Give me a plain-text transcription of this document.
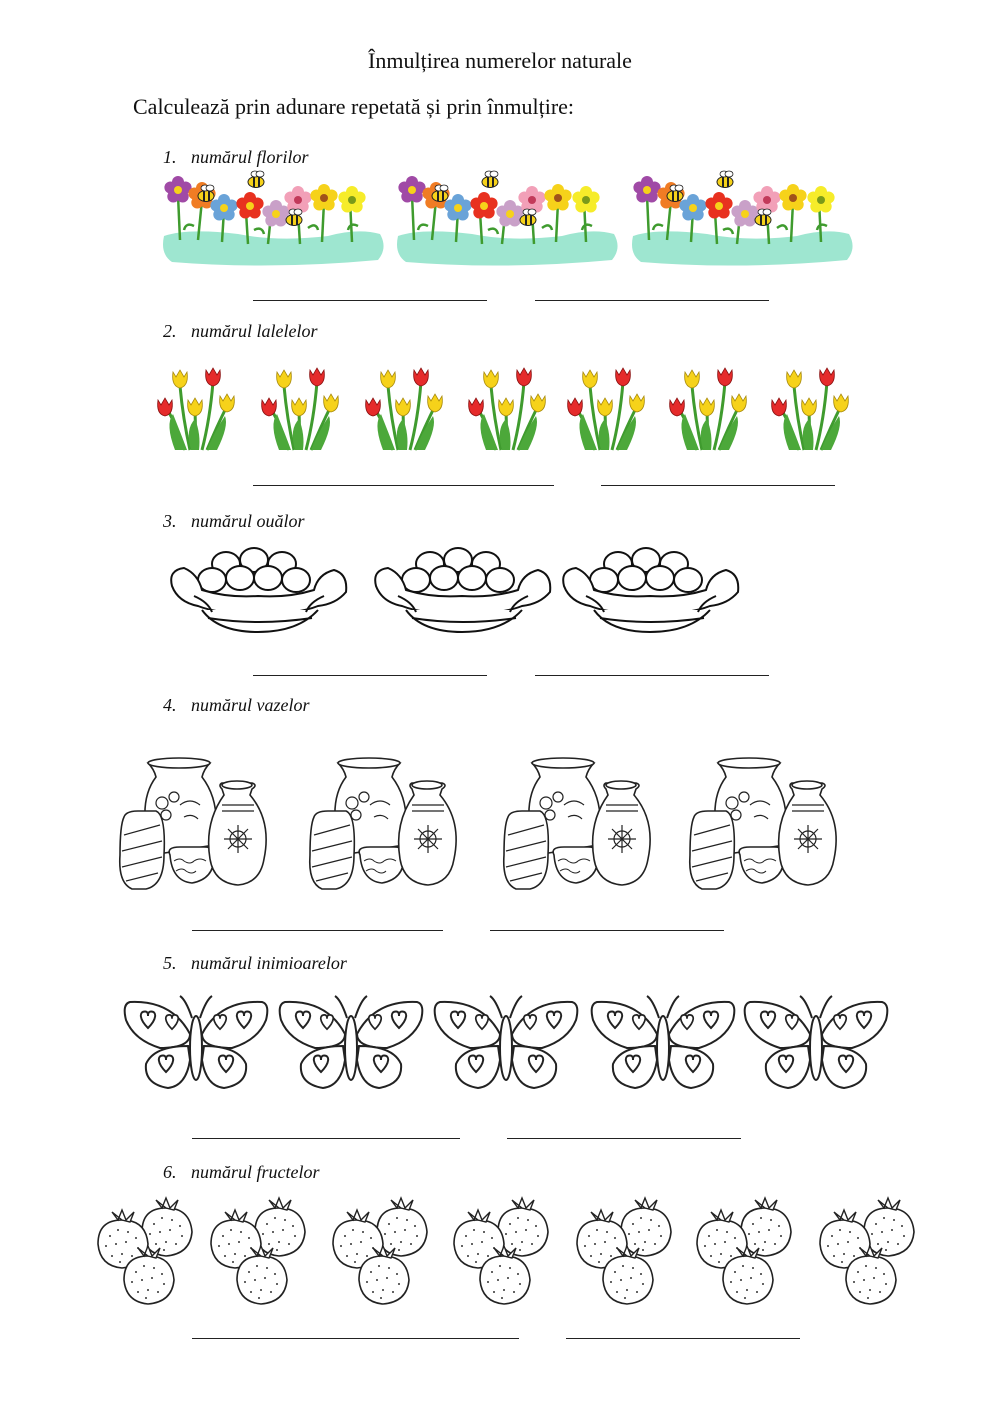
Înmulțirea numerelor naturale
Calculează prin adunare repetată și prin înmulțire:
1. numărul florilor
2. numărul lalelelor
3. numărul ouălor
4. numărul vazelor
5. numărul inimioarelor
6. numărul fructelor
